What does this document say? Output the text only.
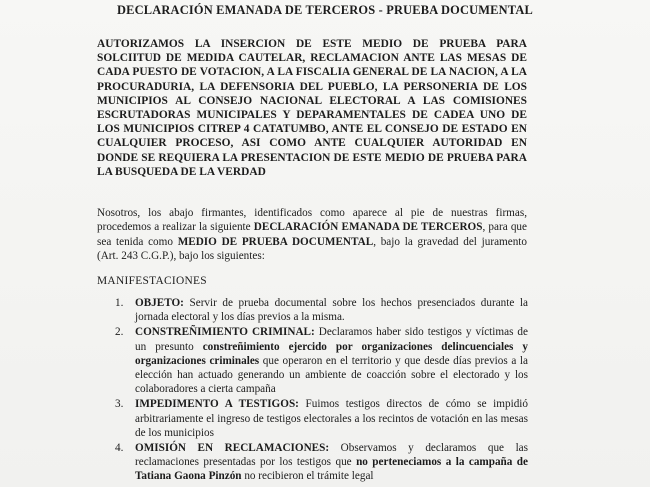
DECLARACIÓN EMANADA DE TERCEROS - PRUEBA DOCUMENTAL
AUTORIZAMOS LA INSERCION DE ESTE MEDIO DE PRUEBA PARA SOLCIITUD DE MEDIDA CAUTELAR, RECLAMACION ANTE LAS MESAS DE CADA PUESTO DE VOTACION, A LA FISCALIA GENERAL DE LA NACION, A LA PROCURADURIA, LA DEFENSORIA DEL PUEBLO, LA PERSONERIA DE LOS MUNICIPIOS AL CONSEJO NACIONAL ELECTORAL A LAS COMISIONES ESCRUTADORAS MUNICIPALES Y DEPARAMENTALES DE CADEA UNO DE LOS MUNICIPIOS CITREP 4 CATATUMBO, ANTE EL CONSEJO DE ESTADO EN CUALQUIER PROCESO, ASI COMO ANTE CUALQUIER AUTORIDAD EN DONDE SE REQUIERA LA PRESENTACION DE ESTE MEDIO DE PRUEBA PARA LA BUSQUEDA DE LA VERDAD
Nosotros, los abajo firmantes, identificados como aparece al pie de nuestras firmas, procedemos a realizar la siguiente DECLARACIÓN EMANADA DE TERCEROS, para que sea tenida como MEDIO DE PRUEBA DOCUMENTAL, bajo la gravedad del juramento (Art. 243 C.G.P.), bajo los siguientes:
MANIFESTACIONES
1. OBJETO: Servir de prueba documental sobre los hechos presenciados durante la jornada electoral y los días previos a la misma.
2. CONSTREÑIMIENTO CRIMINAL: Declaramos haber sido testigos y víctimas de un presunto constreñimiento ejercido por organizaciones delincuenciales y organizaciones criminales que operaron en el territorio y que desde días previos a la elección han actuado generando un ambiente de coacción sobre el electorado y los colaboradores a cierta campaña
3. IMPEDIMENTO A TESTIGOS: Fuimos testigos directos de cómo se impidió arbitrariamente el ingreso de testigos electorales a los recintos de votación en las mesas de los municipios
4. OMISIÓN EN RECLAMACIONES: Observamos y declaramos que las reclamaciones presentadas por los testigos que no perteneciamos a la campaña de Tatiana Gaona Pinzón no recibieron el trámite legal
